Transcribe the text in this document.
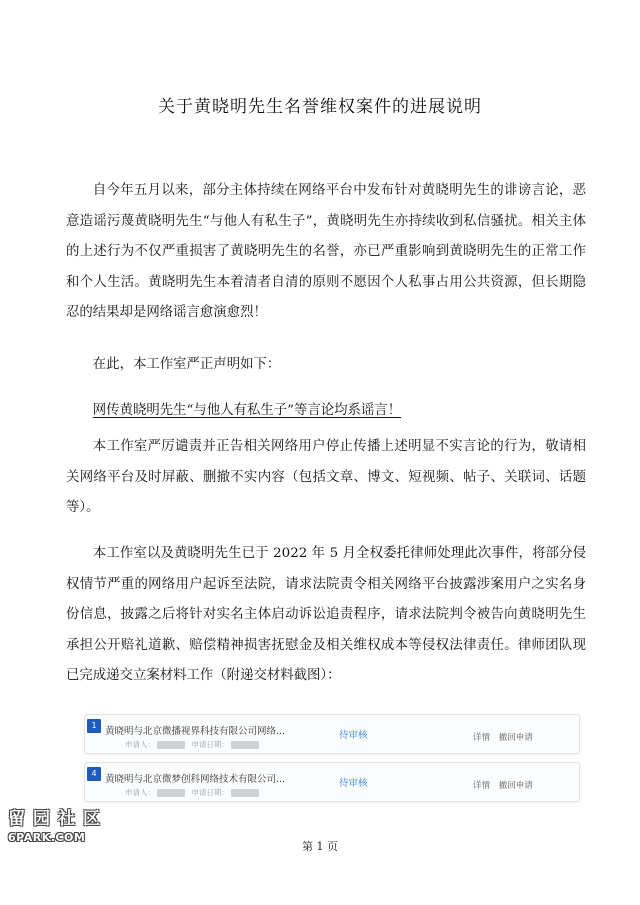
关于黄晓明先生名誉维权案件的进展说明

自今年五月以来，部分主体持续在网络平台中发布针对黄晓明先生的诽谤言论，恶意造谣污蔑黄晓明先生“与他人有私生子”，黄晓明先生亦持续收到私信骚扰。相关主体的上述行为不仅严重损害了黄晓明先生的名誉，亦已严重影响到黄晓明先生的正常工作和个人生活。黄晓明先生本着清者自清的原则不愿因个人私事占用公共资源，但长期隐忍的结果却是网络谣言愈演愈烈！

在此，本工作室严正声明如下：

网传黄晓明先生“与他人有私生子”等言论均系谣言！

本工作室严厉谴责并正告相关网络用户停止传播上述明显不实言论的行为，敬请相关网络平台及时屏蔽、删撤不实内容（包括文章、博文、短视频、帖子、关联词、话题等）。

本工作室以及黄晓明先生已于 2022 年 5 月全权委托律师处理此次事件，将部分侵权情节严重的网络用户起诉至法院，请求法院责令相关网络平台披露涉案用户之实名身份信息，披露之后将针对实名主体启动诉讼追责程序，请求法院判令被告向黄晓明先生承担公开赔礼道歉、赔偿精神损害抚慰金及相关维权成本等侵权法律责任。律师团队现已完成递交立案材料工作（附递交材料截图）：

1
黄晓明与北京微播视界科技有限公司网络...
申请人：	申请日期：
待审核	详情 撤回申请
4
黄晓明与北京微梦创科网络技术有限公司...
申请人：	申请日期：
待审核	详情 撤回申请
留园社区
6PARK.COM
第 1 页
